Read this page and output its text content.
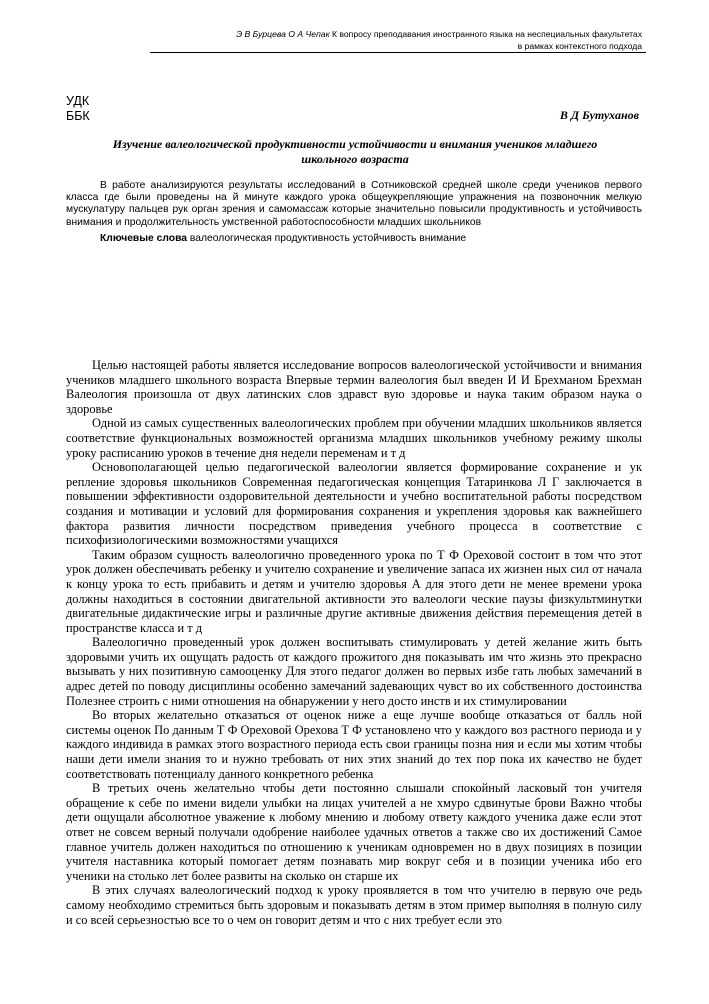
Э В Бурцева О А Чепак К вопросу преподавания иностранного языка на неспециальных факультетах
в рамках контекстного подхода
УДК
ББК	В Д Бутуханов
Изучение валеологической продуктивности устойчивости и внимания учеников младшего школьного возраста

В работе анализируются результаты исследований в Сотниковской средней школе среди учеников первого класса где были проведены на й минуте каждого урока общеукрепляющие упражнения на позвоночник мелкую мускулатуру пальцев рук орган зрения и самомассаж которые значительно повысили продуктивность и устойчивость внимания и продолжительность умственной работоспособности младших школьников

Ключевые слова валеологическая продуктивность устойчивость внимание

Целью настоящей работы является исследование вопросов валеологической устойчивости и внимания учеников младшего школьного возраста Впервые термин валеология был введен И И Брехманом Брехман Валеология произошла от двух латинских слов здравст вую здоровье и наука таким образом наука о здоровье

Одной из самых существенных валеологических проблем при обучении младших школьников является соответствие функциональных возможностей организма младших школьников учебному режиму школы уроку расписанию уроков в течение дня недели переменам и т д

Основополагающей целью педагогической валеологии является формирование сохранение и ук репление здоровья школьников Современная педагогическая концепция Татаринкова Л Г заключается в повышении эффективности оздоровительной деятельности и учебно воспитательной работы посредством создания и мотивации и условий для формирования сохранения и укрепления здоровья как важнейшего фактора развития личности посредством приведения учебного процесса в соответствие с психофизиологическими возможностями учащихся

Таким образом сущность валеологично проведенного урока по Т Ф Ореховой состоит в том что этот урок должен обеспечивать ребенку и учителю сохранение и увеличение запаса их жизнен ных сил от начала к концу урока то есть прибавить и детям и учителю здоровья А для этого дети не менее времени урока должны находиться в состоянии двигательной активности это валеологи ческие паузы физкультминутки двигательные дидактические игры и различные другие активные движения действия перемещения детей в пространстве класса и т д

Валеологично проведенный урок должен воспитывать стимулировать у детей желание жить быть здоровыми учить их ощущать радость от каждого прожитого дня показывать им что жизнь это прекрасно вызывать у них позитивную самооценку Для этого педагог должен во первых избе гать любых замечаний в адрес детей по поводу дисциплины особенно замечаний задевающих чувст во их собственного достоинства Полезнее строить с ними отношения на обнаружении у него досто инств и их стимулировании

Во вторых желательно отказаться от оценок ниже а еще лучше вообще отказаться от балль ной системы оценок По данным Т Ф Ореховой Орехова Т Ф установлено что у каждого воз растного периода и у каждого индивида в рамках этого возрастного периода есть свои границы позна ния и если мы хотим чтобы наши дети имели знания то и нужно требовать от них этих знаний до тех пор пока их качество не будет соответствовать потенциалу данного конкретного ребенка

В третьих очень желательно чтобы дети постоянно слышали спокойный ласковый тон учителя обращение к себе по имени видели улыбки на лицах учителей а не хмуро сдвинутые брови Важно чтобы дети ощущали абсолютное уважение к любому мнению и любому ответу каждого ученика даже если этот ответ не совсем верный получали одобрение наиболее удачных ответов а также сво их достижений Самое главное учитель должен находиться по отношению к ученикам одновремен но в двух позициях в позиции учителя наставника который помогает детям познавать мир вокруг себя и в позиции ученика ибо его ученики на столько лет более развиты на сколько он старше их

В этих случаях валеологический подход к уроку проявляется в том что учителю в первую оче редь самому необходимо стремиться быть здоровым и показывать детям в этом пример выполняя в полную силу и со всей серьезностью все то о чем он говорит детям и что с них требует если это
